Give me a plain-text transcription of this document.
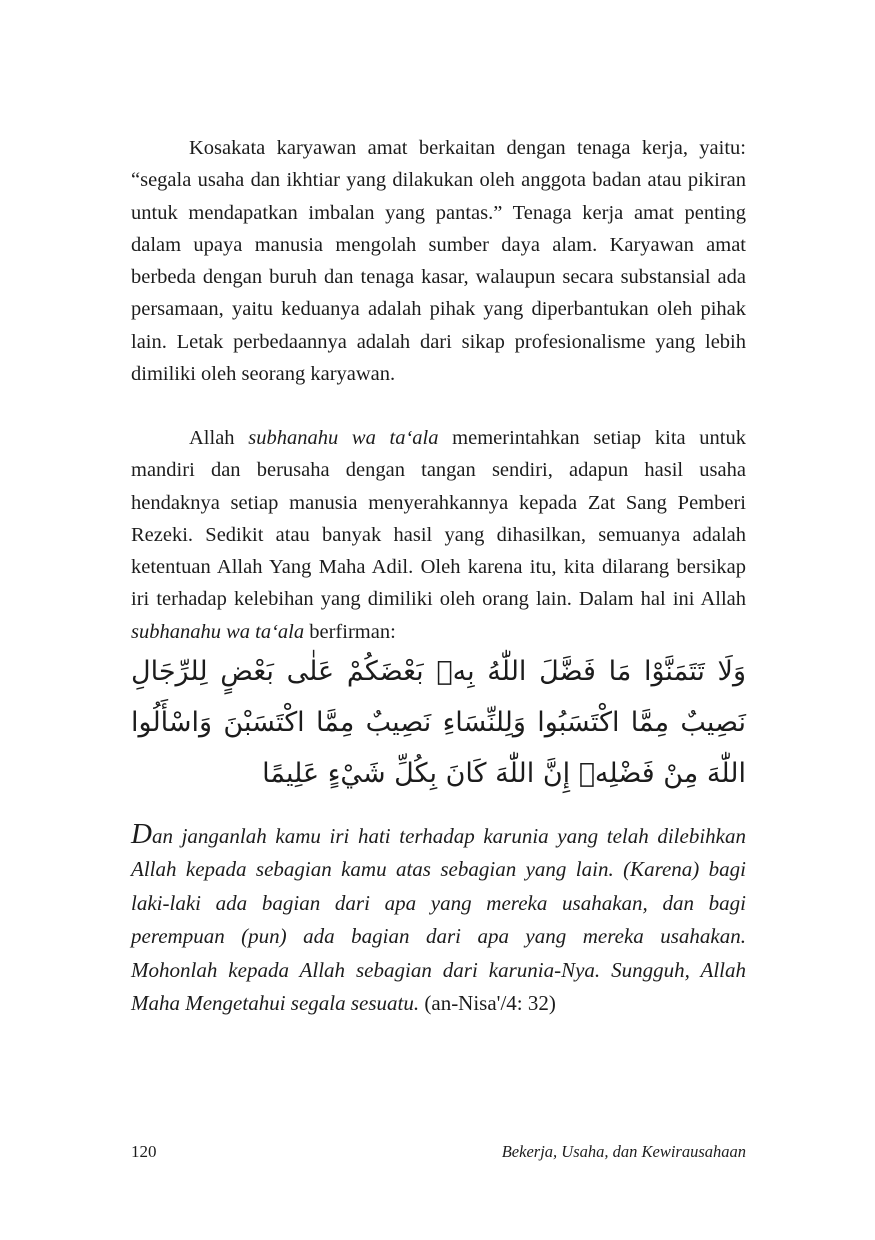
Kosakata karyawan amat berkaitan dengan tenaga kerja, yaitu: “segala usaha dan ikhtiar yang dilakukan oleh anggota badan atau pikiran untuk mendapatkan imbalan yang pantas.” Tenaga kerja amat penting dalam upaya manusia mengolah sumber daya alam. Karyawan amat berbeda dengan buruh dan tenaga kasar, walaupun secara substansial ada persamaan, yaitu keduanya adalah pihak yang diperbantukan oleh pihak lain. Letak perbedaannya adalah dari sikap profesionalisme yang lebih dimiliki oleh seorang karyawan.

Allah subhanahu wa ta‘ala memerintahkan setiap kita untuk mandiri dan berusaha dengan tangan sendiri, adapun hasil usaha hendaknya setiap manusia menyerahkannya kepada Zat Sang Pemberi Rezeki. Sedikit atau banyak hasil yang dihasilkan, semuanya adalah ketentuan Allah Yang Maha Adil. Oleh karena itu, kita dilarang bersikap iri terhadap kelebihan yang dimiliki oleh orang lain. Dalam hal ini Allah subhanahu wa ta‘ala berfirman:

وَلَا تَتَمَنَّوْا مَا فَضَّلَ اللّٰهُ بِهٖ بَعْضَكُمْ عَلٰى بَعْضٍ لِلرِّجَالِ نَصِيبٌ مِمَّا اكْتَسَبُوا وَلِلنِّسَاءِ نَصِيبٌ مِمَّا اكْتَسَبْنَ وَاسْأَلُوا اللّٰهَ مِنْ فَضْلِهٖ إِنَّ اللّٰهَ كَانَ بِكُلِّ شَيْءٍ عَلِيمًا

Dan janganlah kamu iri hati terhadap karunia yang telah dilebihkan Allah kepada sebagian kamu atas sebagian yang lain. (Karena) bagi laki-laki ada bagian dari apa yang mereka usahakan, dan bagi perempuan (pun) ada bagian dari apa yang mereka usahakan. Mohonlah kepada Allah sebagian dari karunia-Nya. Sungguh, Allah Maha Mengetahui segala sesuatu. (an-Nisa'/4: 32)

120	Bekerja, Usaha, dan Kewirausahaan
